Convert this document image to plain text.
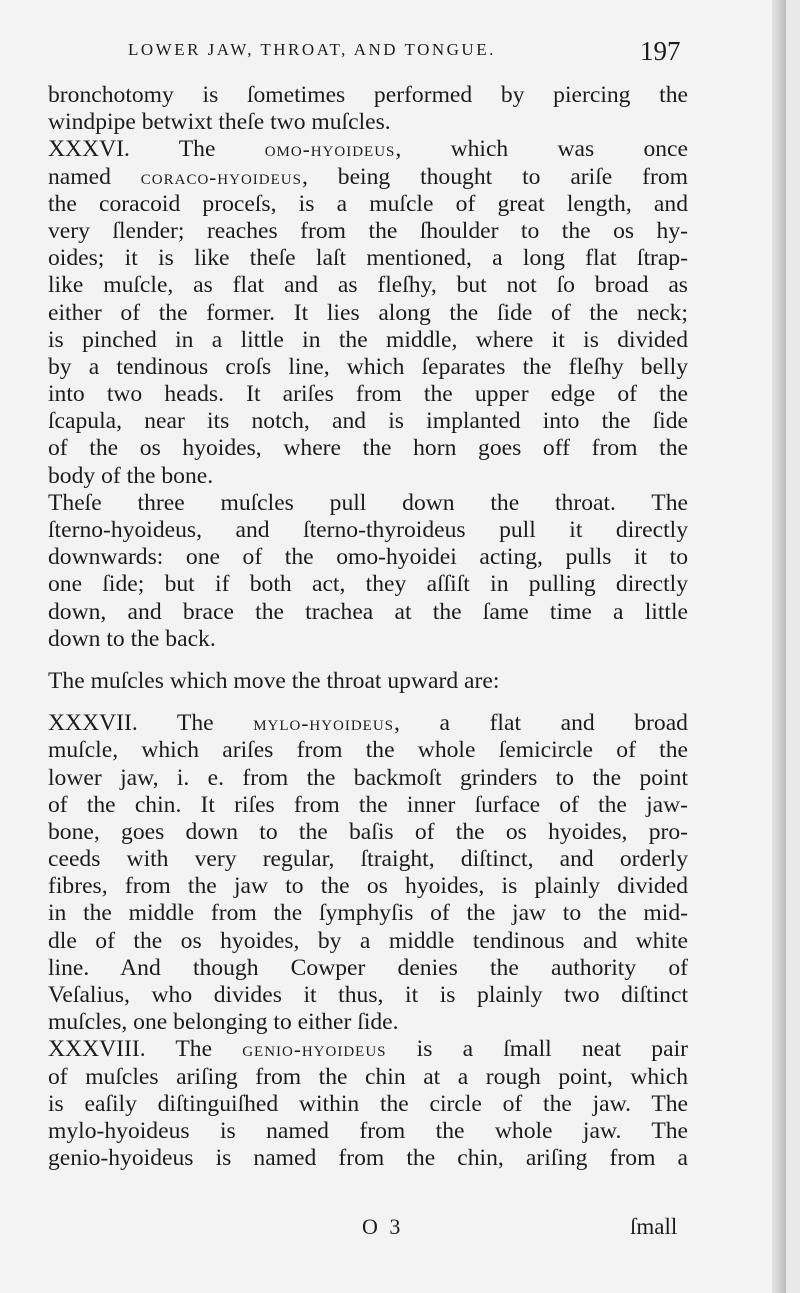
LOWER JAW, THROAT, AND TONGUE.	197
bronchotomy is ſometimes performed by piercing the
windpipe betwixt theſe two muſcles.
XXXVI. The omo-hyoideus, which was once
named coraco-hyoideus, being thought to ariſe from
the coracoid proceſs, is a muſcle of great length, and
very ſlender; reaches from the ſhoulder to the os hy-
oides; it is like theſe laſt mentioned, a long flat ſtrap-
like muſcle, as flat and as fleſhy, but not ſo broad as
either of the former. It lies along the ſide of the neck;
is pinched in a little in the middle, where it is divided
by a tendinous croſs line, which ſeparates the fleſhy belly
into two heads. It ariſes from the upper edge of the
ſcapula, near its notch, and is implanted into the ſide
of the os hyoides, where the horn goes off from the
body of the bone.
Theſe three muſcles pull down the throat. The
ſterno-hyoideus, and ſterno-thyroideus pull it directly
downwards: one of the omo-hyoidei acting, pulls it to
one ſide; but if both act, they aſſiſt in pulling directly
down, and brace the trachea at the ſame time a little
down to the back.
The muſcles which move the throat upward are:
XXXVII. The mylo-hyoideus, a flat and broad
muſcle, which ariſes from the whole ſemicircle of the
lower jaw, i. e. from the backmoſt grinders to the point
of the chin. It riſes from the inner ſurface of the jaw-
bone, goes down to the baſis of the os hyoides, pro-
ceeds with very regular, ſtraight, diſtinct, and orderly
fibres, from the jaw to the os hyoides, is plainly divided
in the middle from the ſymphyſis of the jaw to the mid-
dle of the os hyoides, by a middle tendinous and white
line. And though Cowper denies the authority of
Veſalius, who divides it thus, it is plainly two diſtinct
muſcles, one belonging to either ſide.
XXXVIII. The genio-hyoideus is a ſmall neat pair
of muſcles ariſing from the chin at a rough point, which
is eaſily diſtinguiſhed within the circle of the jaw. The
mylo-hyoideus is named from the whole jaw. The
genio-hyoideus is named from the chin, ariſing from a
O 3	ſmall
